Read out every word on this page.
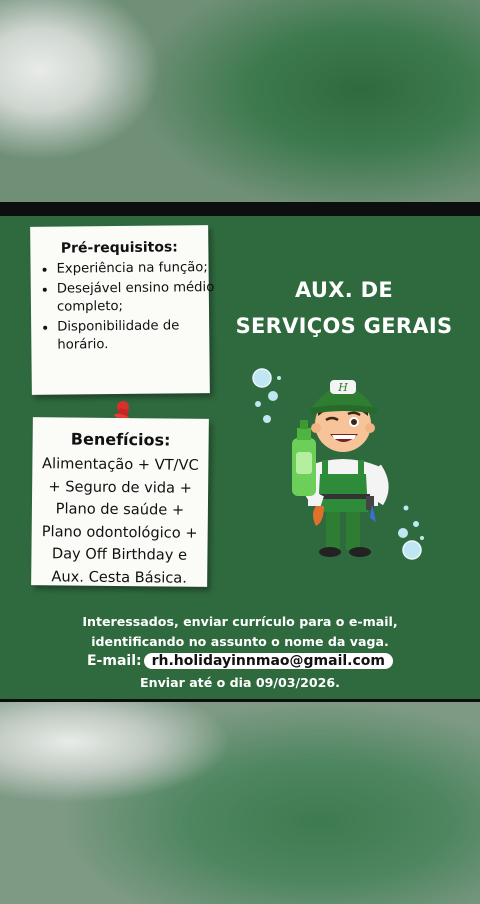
Pré-requisitos:
• Experiência na função;
• Desejável ensino médio completo;
• Disponibilidade de horário.
Benefícios:
Alimentação + VT/VC
+ Seguro de vida +
Plano de saúde +
Plano odontológico +
Day Off Birthday e
Aux. Cesta Básica.
AUX. DE
SERVIÇOS GERAIS
H
Interessados, enviar currículo para o e-mail,
identificando no assunto o nome da vaga.
E-mail: rh.holidayinnmao@gmail.com
Enviar até o dia 09/03/2026.
